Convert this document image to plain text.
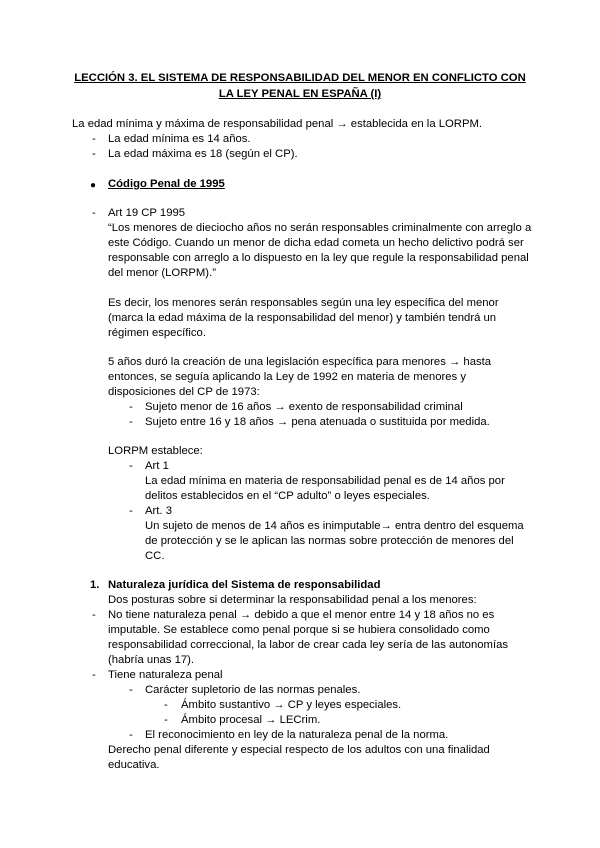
LECCIÓN 3. EL SISTEMA DE RESPONSABILIDAD DEL MENOR EN CONFLICTO CON
LA LEY PENAL EN ESPAÑA (I)
La edad mínima y máxima de responsabilidad penal → establecida en la LORPM.
-
La edad mínima es 14 años.
-
La edad máxima es 18 (según el CP).
● Código Penal de 1995
-
Art 19 CP 1995
“Los menores de dieciocho años no serán responsables criminalmente con arreglo a
este Código. Cuando un menor de dicha edad cometa un hecho delictivo podrá ser
responsable con arreglo a lo dispuesto en la ley que regule la responsabilidad penal
del menor (LORPM).”
Es decir, los menores serán responsables según una ley específica del menor
(marca la edad máxima de la responsabilidad del menor) y también tendrá un
régimen específico.
5 años duró la creación de una legislación específica para menores → hasta
entonces, se seguía aplicando la Ley de 1992 en materia de menores y
disposiciones del CP de 1973:
-
Sujeto menor de 16 años → exento de responsabilidad criminal
-
Sujeto entre 16 y 18 años → pena atenuada o sustituida por medida.
LORPM establece:
-
Art 1
La edad mínima en materia de responsabilidad penal es de 14 años por
delitos establecidos en el “CP adulto” o leyes especiales.
-
Art. 3
Un sujeto de menos de 14 años es inimputable→ entra dentro del esquema
de protección y se le aplican las normas sobre protección de menores del
CC.
1. Naturaleza jurídica del Sistema de responsabilidad
Dos posturas sobre si determinar la responsabilidad penal a los menores:
-
No tiene naturaleza penal → debido a que el menor entre 14 y 18 años no es
imputable. Se establece como penal porque si se hubiera consolidado como
responsabilidad correccional, la labor de crear cada ley sería de las autonomías
(habría unas 17).
-
Tiene naturaleza penal
-
Carácter supletorio de las normas penales.
-
Ámbito sustantivo → CP y leyes especiales.
-
Ámbito procesal → LECrim.
-
El reconocimiento en ley de la naturaleza penal de la norma.
Derecho penal diferente y especial respecto de los adultos con una finalidad
educativa.
